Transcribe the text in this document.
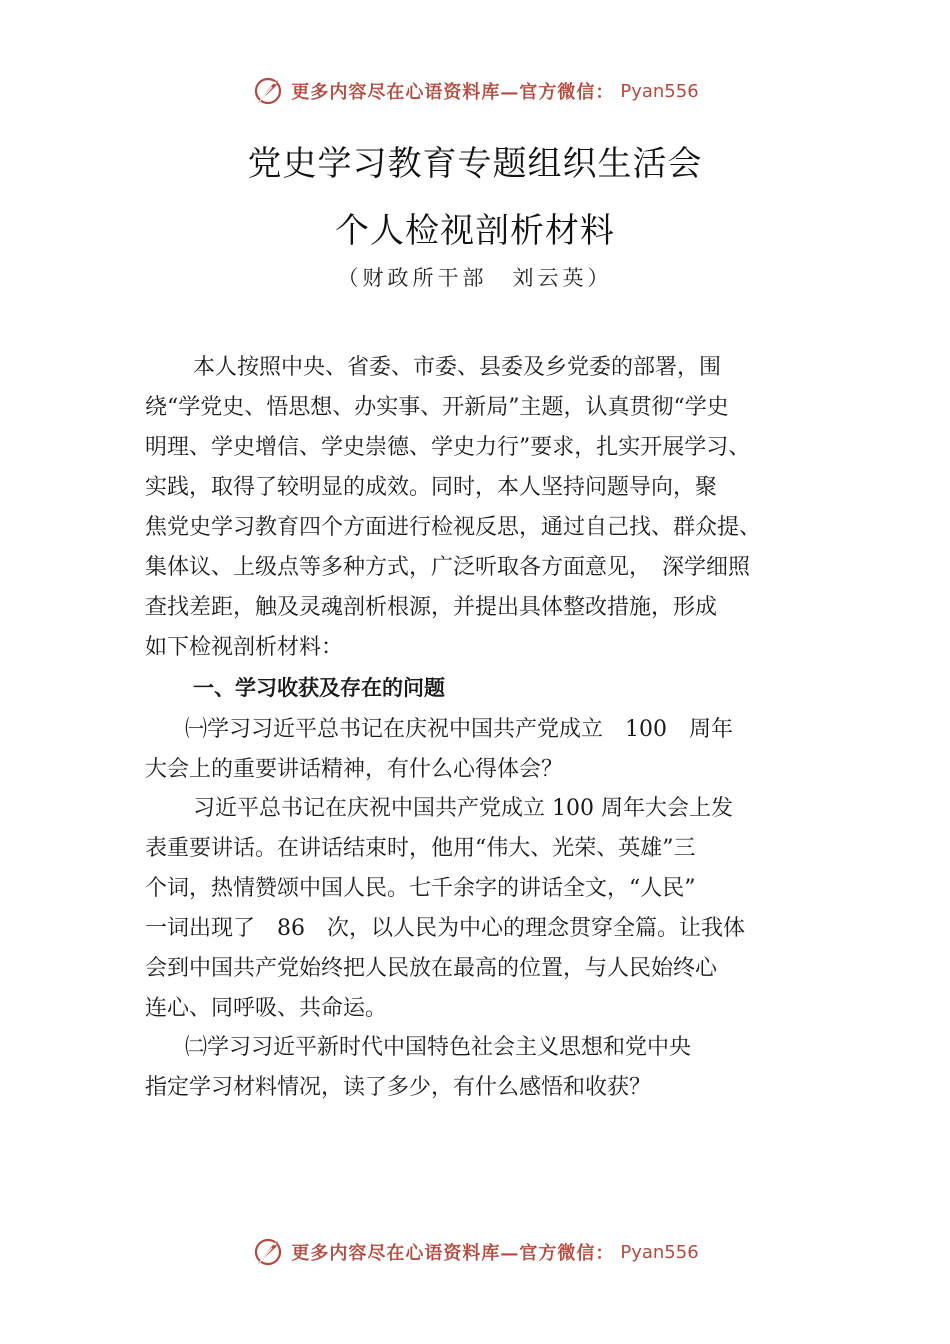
更多内容尽在心语资料库—官方微信： Pyan556
党史学习教育专题组织生活会
个人检视剖析材料
（财政所干部　刘云英）
本人按照中央、省委、市委、县委及乡党委的部署，围
绕“学党史、悟思想、办实事、开新局”主题，认真贯彻“学史
明理、学史增信、学史崇德、学史力行”要求，扎实开展学习、
实践，取得了较明显的成效。同时，本人坚持问题导向，聚
焦党史学习教育四个方面进行检视反思，通过自己找、群众提、
集体议、上级点等多种方式，广泛听取各方面意见，　深学细照
查找差距，触及灵魂剖析根源，并提出具体整改措施，形成
如下检视剖析材料：
一、学习收获及存在的问题
㈠学习习近平总书记在庆祝中国共产党成立　100　周年
大会上的重要讲话精神，有什么心得体会？
习近平总书记在庆祝中国共产党成立 100 周年大会上发
表重要讲话。在讲话结束时，他用“伟大、光荣、英雄”三
个词，热情赞颂中国人民。七千余字的讲话全文，“人民”
一词出现了　86　次，以人民为中心的理念贯穿全篇。让我体
会到中国共产党始终把人民放在最高的位置，与人民始终心
连心、同呼吸、共命运。
㈡学习习近平新时代中国特色社会主义思想和党中央
指定学习材料情况，读了多少，有什么感悟和收获？
更多内容尽在心语资料库—官方微信： Pyan556
